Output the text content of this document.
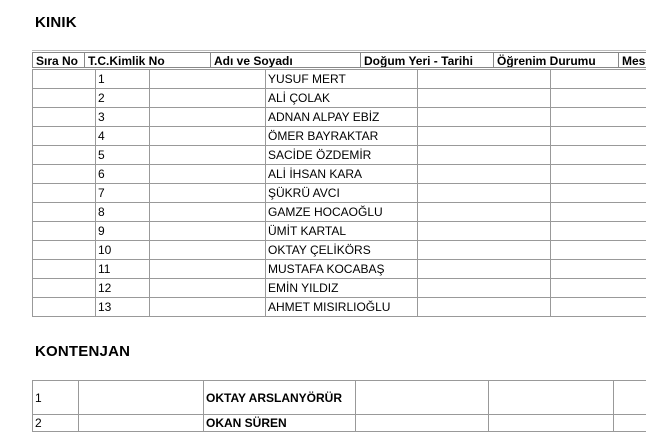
KINIK
Sıra No T.C.Kimlik No	Adı ve Soyadı	Doğum Yeri - Tarihi	Öğrenim Durumu	Mes
	1		YUSUF MERT		
	2		ALİ ÇOLAK		
	3		ADNAN ALPAY EBİZ		
	4		ÖMER BAYRAKTAR		
	5		SACİDE ÖZDEMİR		
	6		ALİ İHSAN KARA		
	7		ŞÜKRÜ AVCI		
	8		GAMZE HOCAOĞLU		
	9		ÜMİT KARTAL		
	10		OKTAY ÇELİKÖRS		
	11		MUSTAFA KOCABAŞ		
	12		EMİN YILDIZ		
	13		AHMET MISIRLIOĞLU		
KONTENJAN
1		OKTAY ARSLANYÖRÜR			
2		OKAN SÜREN			
